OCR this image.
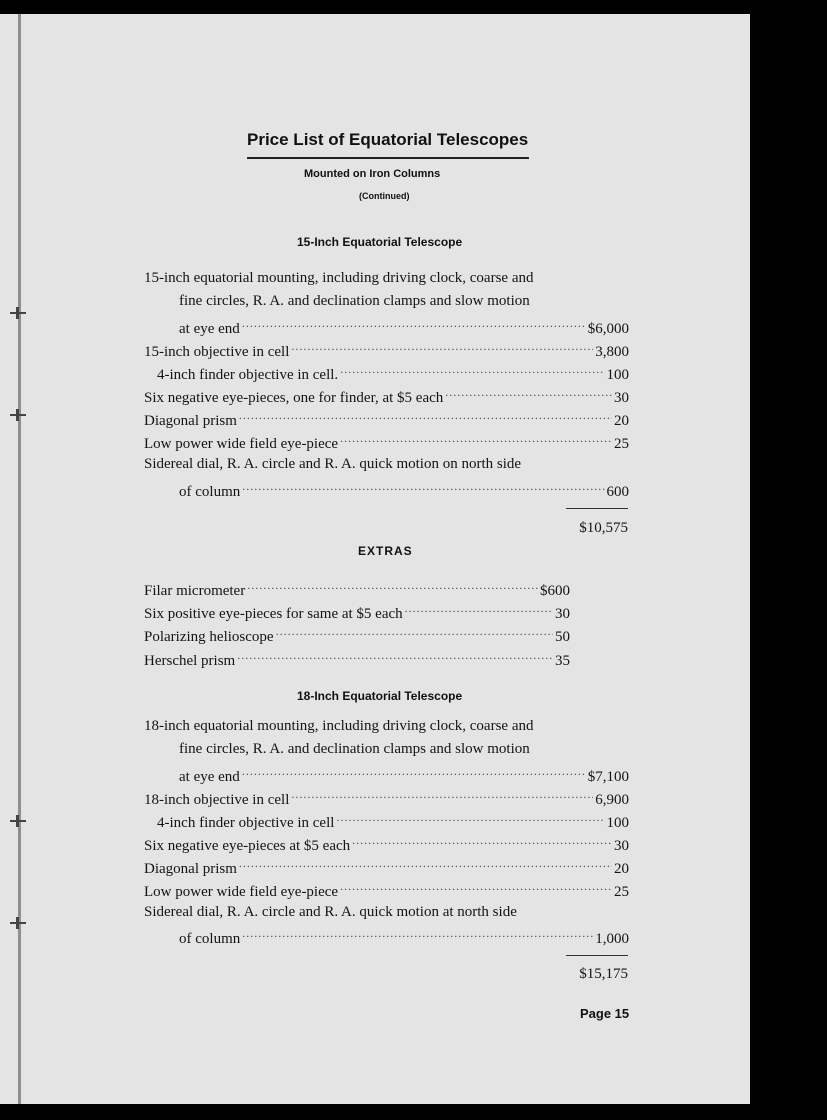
Price List of Equatorial Telescopes
Mounted on Iron Columns
(Continued)
15-Inch Equatorial Telescope
15-inch equatorial mounting, including driving clock, coarse and
fine circles, R. A. and declination clamps and slow motion
at eye end .....	$6,000
15-inch objective in cell .....	3,800
4-inch finder objective in cell. .....	100
Six negative eye-pieces, one for finder, at $5 each .....	30
Diagonal prism .....	20
Low power wide field eye-piece .....	25
Sidereal dial, R. A. circle and R. A. quick motion on north side
of column .....	600
$10,575
EXTRAS
Filar micrometer .....	$600
Six positive eye-pieces for same at $5 each .....	30
Polarizing helioscope .....	50
Herschel prism .....	35
18-Inch Equatorial Telescope
18-inch equatorial mounting, including driving clock, coarse and
fine circles, R. A. and declination clamps and slow motion
at eye end .....	$7,100
18-inch objective in cell .....	6,900
4-inch finder objective in cell .....	100
Six negative eye-pieces at $5 each .....	30
Diagonal prism .....	20
Low power wide field eye-piece .....	25
Sidereal dial, R. A. circle and R. A. quick motion at north side
of column .....	1,000
$15,175
Page 15
